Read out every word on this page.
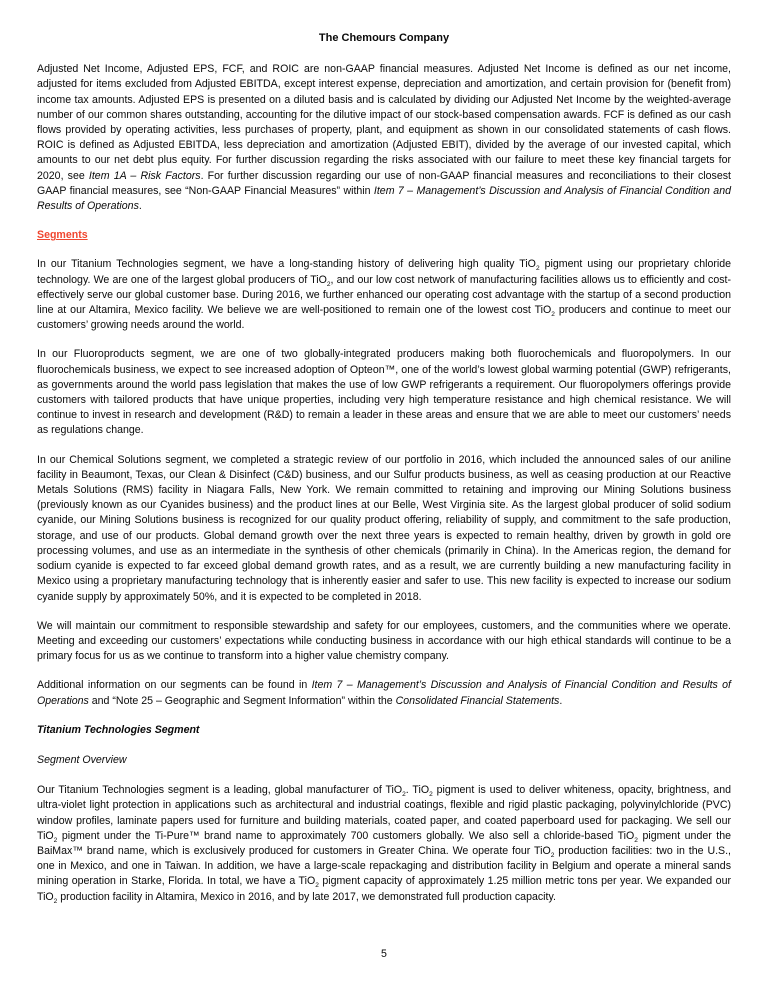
The Chemours Company

Adjusted Net Income, Adjusted EPS, FCF, and ROIC are non-GAAP financial measures. Adjusted Net Income is defined as our net income, adjusted for items excluded from Adjusted EBITDA, except interest expense, depreciation and amortization, and certain provision for (benefit from) income tax amounts. Adjusted EPS is presented on a diluted basis and is calculated by dividing our Adjusted Net Income by the weighted-average number of our common shares outstanding, accounting for the dilutive impact of our stock-based compensation awards. FCF is defined as our cash flows provided by operating activities, less purchases of property, plant, and equipment as shown in our consolidated statements of cash flows. ROIC is defined as Adjusted EBITDA, less depreciation and amortization (Adjusted EBIT), divided by the average of our invested capital, which amounts to our net debt plus equity. For further discussion regarding the risks associated with our failure to meet these key financial targets for 2020, see Item 1A – Risk Factors. For further discussion regarding our use of non-GAAP financial measures and reconciliations to their closest GAAP financial measures, see “Non-GAAP Financial Measures” within Item 7 – Management’s Discussion and Analysis of Financial Condition and Results of Operations.

Segments

In our Titanium Technologies segment, we have a long-standing history of delivering high quality TiO$_2$ pigment using our proprietary chloride technology. We are one of the largest global producers of TiO$_2$, and our low cost network of manufacturing facilities allows us to efficiently and cost-effectively serve our global customer base. During 2016, we further enhanced our operating cost advantage with the startup of a second production line at our Altamira, Mexico facility. We believe we are well-positioned to remain one of the lowest cost TiO$_2$ producers and continue to meet our customers’ growing needs around the world.

In our Fluoroproducts segment, we are one of two globally-integrated producers making both fluorochemicals and fluoropolymers. In our fluorochemicals business, we expect to see increased adoption of Opteon™, one of the world’s lowest global warming potential (GWP) refrigerants, as governments around the world pass legislation that makes the use of low GWP refrigerants a requirement. Our fluoropolymers offerings provide customers with tailored products that have unique properties, including very high temperature resistance and high chemical resistance. We will continue to invest in research and development (R&D) to remain a leader in these areas and ensure that we are able to meet our customers’ needs as regulations change.

In our Chemical Solutions segment, we completed a strategic review of our portfolio in 2016, which included the announced sales of our aniline facility in Beaumont, Texas, our Clean & Disinfect (C&D) business, and our Sulfur products business, as well as ceasing production at our Reactive Metals Solutions (RMS) facility in Niagara Falls, New York. We remain committed to retaining and improving our Mining Solutions business (previously known as our Cyanides business) and the product lines at our Belle, West Virginia site. As the largest global producer of solid sodium cyanide, our Mining Solutions business is recognized for our quality product offering, reliability of supply, and commitment to the safe production, storage, and use of our products. Global demand growth over the next three years is expected to remain healthy, driven by growth in gold ore processing volumes, and use as an intermediate in the synthesis of other chemicals (primarily in China). In the Americas region, the demand for sodium cyanide is expected to far exceed global demand growth rates, and as a result, we are currently building a new manufacturing facility in Mexico using a proprietary manufacturing technology that is inherently easier and safer to use. This new facility is expected to increase our sodium cyanide supply by approximately 50%, and it is expected to be completed in 2018.

We will maintain our commitment to responsible stewardship and safety for our employees, customers, and the communities where we operate. Meeting and exceeding our customers’ expectations while conducting business in accordance with our high ethical standards will continue to be a primary focus for us as we continue to transform into a higher value chemistry company.

Additional information on our segments can be found in Item 7 – Management’s Discussion and Analysis of Financial Condition and Results of Operations and “Note 25 – Geographic and Segment Information” within the Consolidated Financial Statements.

Titanium Technologies Segment
Segment Overview

Our Titanium Technologies segment is a leading, global manufacturer of TiO$_2$. TiO$_2$ pigment is used to deliver whiteness, opacity, brightness, and ultra-violet light protection in applications such as architectural and industrial coatings, flexible and rigid plastic packaging, polyvinylchloride (PVC) window profiles, laminate papers used for furniture and building materials, coated paper, and coated paperboard used for packaging. We sell our TiO$_2$ pigment under the Ti-Pure™ brand name to approximately 700 customers globally. We also sell a chloride-based TiO$_2$ pigment under the BaiMax™ brand name, which is exclusively produced for customers in Greater China. We operate four TiO$_2$ production facilities: two in the U.S., one in Mexico, and one in Taiwan. In addition, we have a large-scale repackaging and distribution facility in Belgium and operate a mineral sands mining operation in Starke, Florida. In total, we have a TiO$_2$ pigment capacity of approximately 1.25 million metric tons per year. We expanded our TiO$_2$ production facility in Altamira, Mexico in 2016, and by late 2017, we demonstrated full production capacity.

5
